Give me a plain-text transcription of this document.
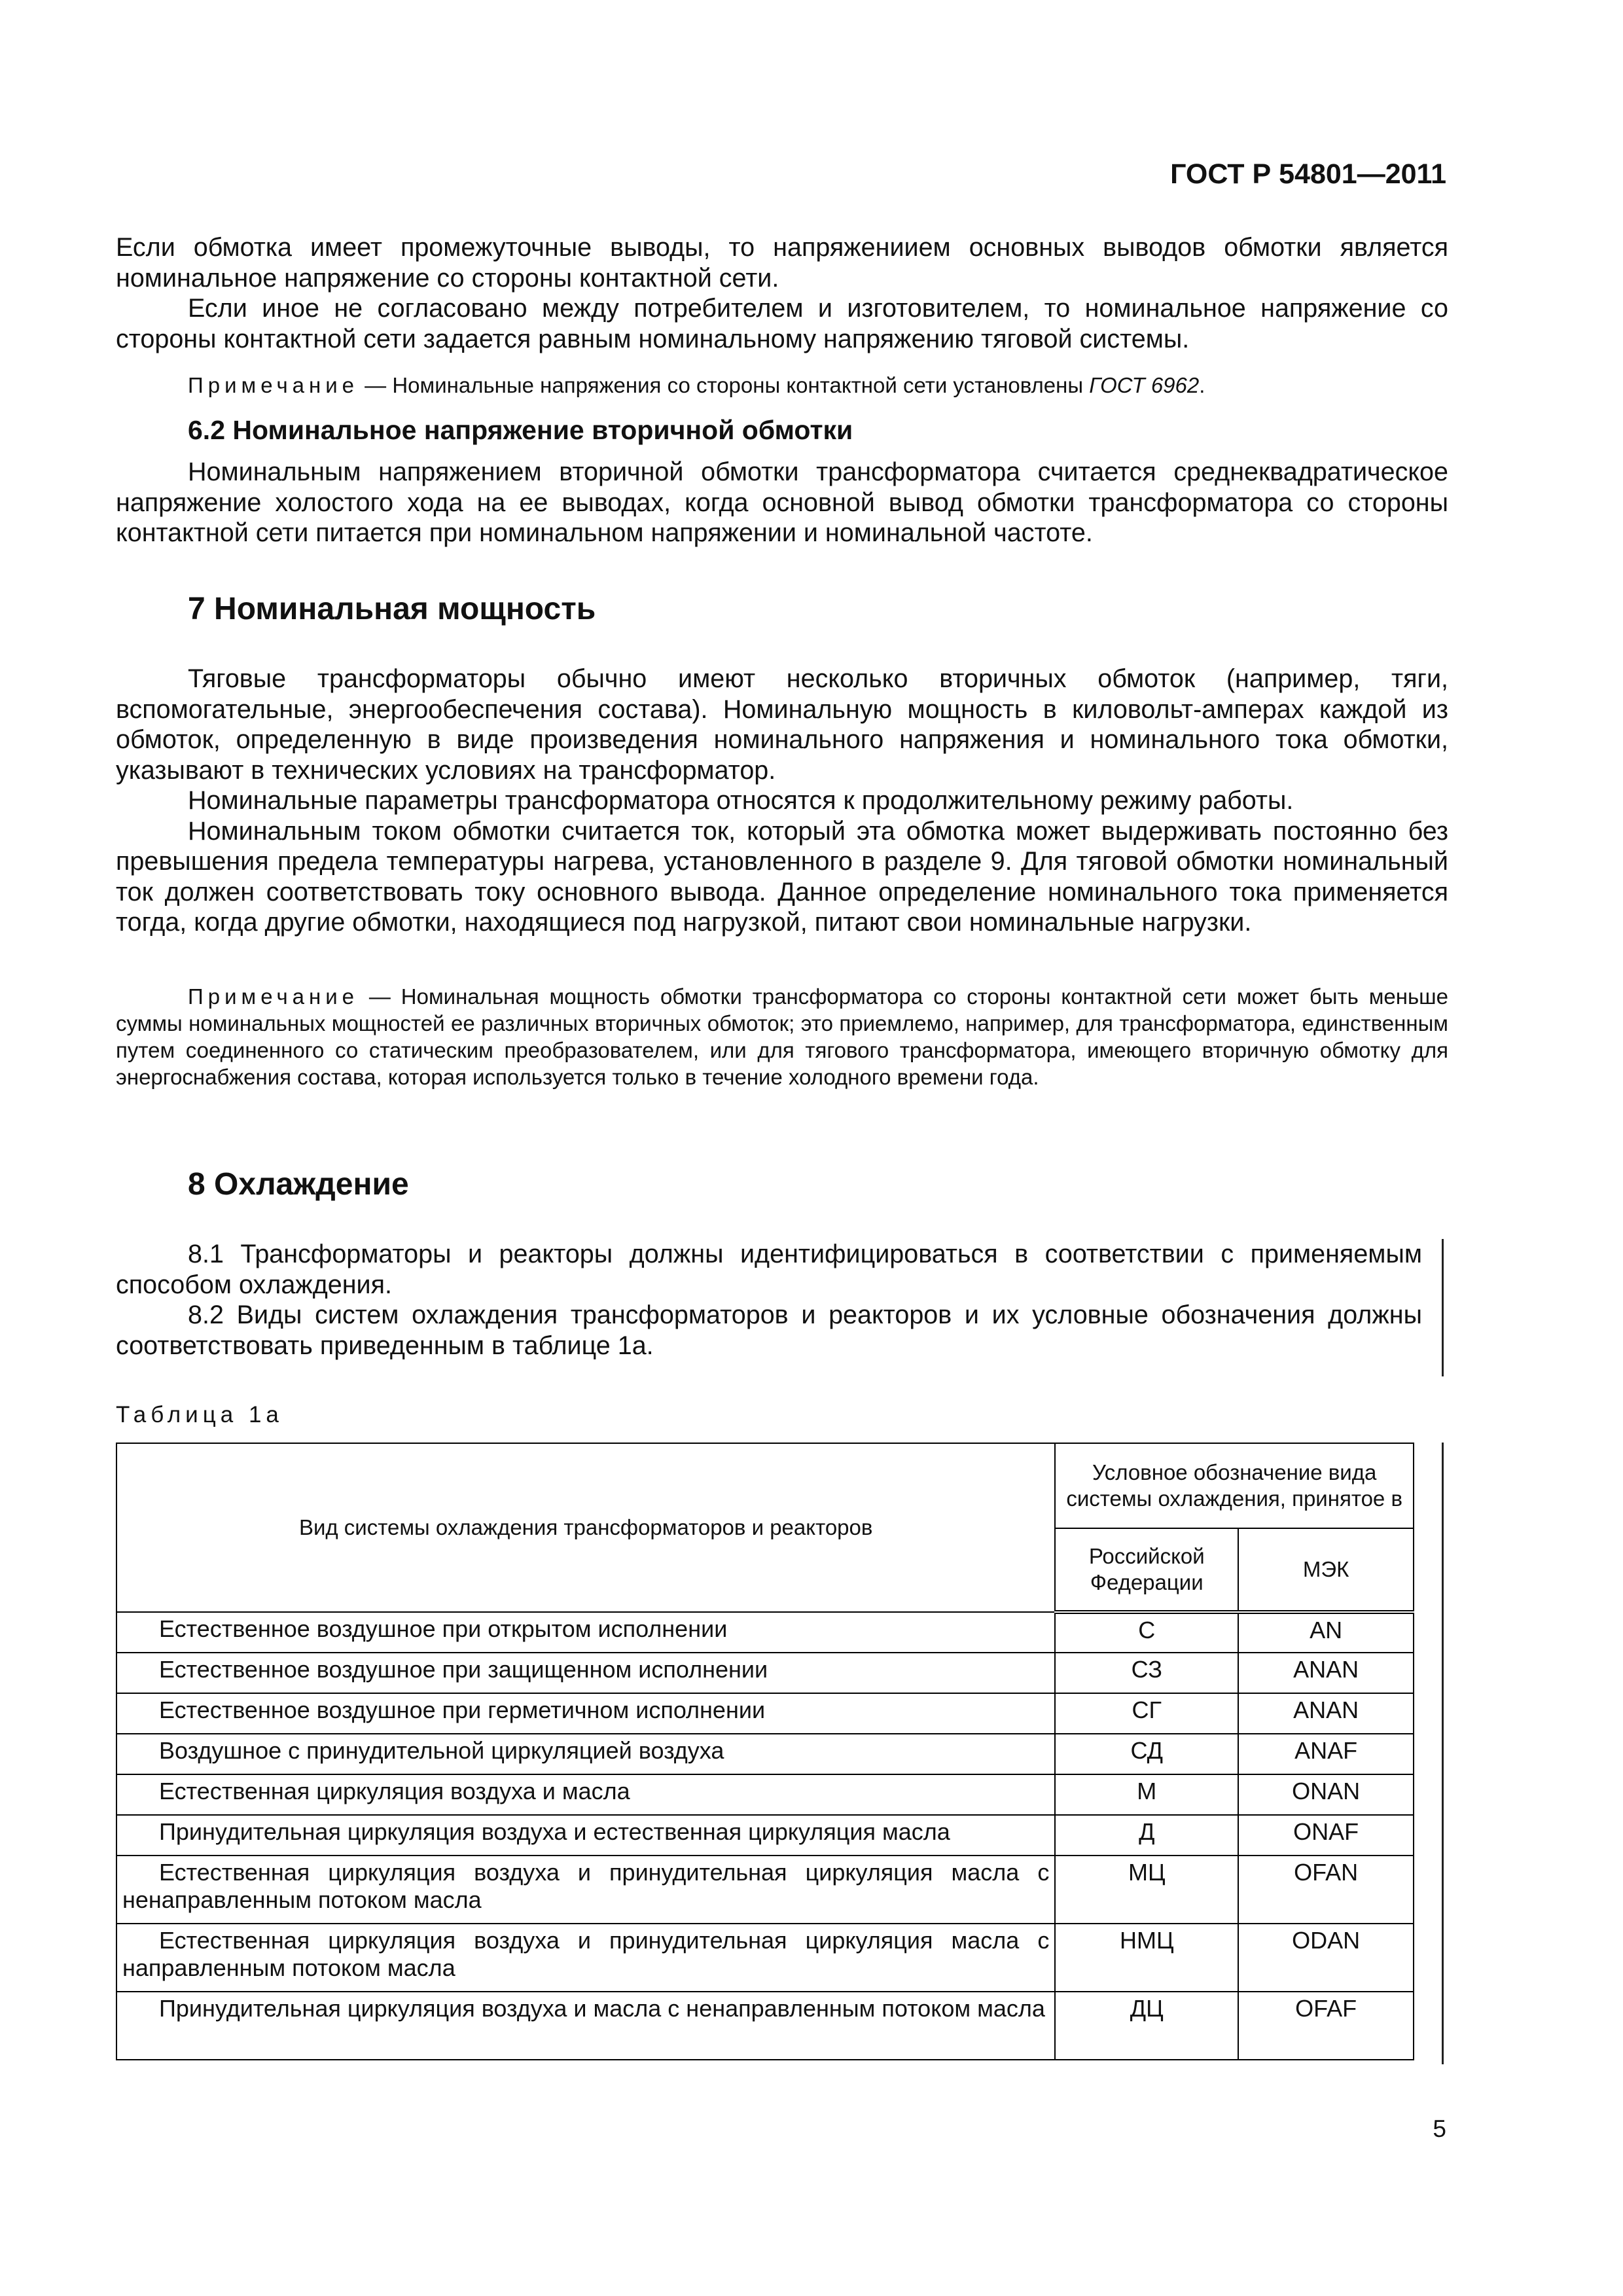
ГОСТ Р 54801—2011

Если обмотка имеет промежуточные выводы, то напряжениием основных выводов обмотки является номинальное напряжение со стороны контактной сети.

Если иное не согласовано между потребителем и изготовителем, то номинальное напряжение со стороны контактной сети задается равным номинальному напряжению тяговой системы.

Примечание — Номинальные напряжения со стороны контактной сети установлены ГОСТ 6962.

6.2 Номинальное напряжение вторичной обмотки

Номинальным напряжением вторичной обмотки трансформатора считается среднеквадратическое напряжение холостого хода на ее выводах, когда основной вывод обмотки трансформатора со стороны контактной сети питается при номинальном напряжении и номинальной частоте.

7 Номинальная мощность

Тяговые трансформаторы обычно имеют несколько вторичных обмоток (например, тяги, вспомогательные, энергообеспечения состава). Номинальную мощность в киловольт-амперах каждой из обмоток, определенную в виде произведения номинального напряжения и номинального тока обмотки, указывают в технических условиях на трансформатор.

Номинальные параметры трансформатора относятся к продолжительному режиму работы.

Номинальным током обмотки считается ток, который эта обмотка может выдерживать постоянно без превышения предела температуры нагрева, установленного в разделе 9. Для тяговой обмотки номинальный ток должен соответствовать току основного вывода. Данное определение номинального тока применяется тогда, когда другие обмотки, находящиеся под нагрузкой, питают свои номинальные нагрузки.

Примечание — Номинальная мощность обмотки трансформатора со стороны контактной сети может быть меньше суммы номинальных мощностей ее различных вторичных обмоток; это приемлемо, например, для трансформатора, единственным путем соединенного со статическим преобразователем, или для тягового трансформатора, имеющего вторичную обмотку для энергоснабжения состава, которая используется только в течение холодного времени года.

8 Охлаждение

8.1 Трансформаторы и реакторы должны идентифицироваться в соответствии с применяемым способом охлаждения.

8.2 Виды систем охлаждения трансформаторов и реакторов и их условные обозначения должны соответствовать приведенным в таблице 1а.

Таблица 1а
Вид системы охлаждения трансформаторов и реакторов	Условное обозначение вида системы охлаждения, принятое в	
	Российской Федерации	МЭК
Естественное воздушное при открытом исполнении	С	AN
Естественное воздушное при защищенном исполнении	СЗ	ANAN
Естественное воздушное при герметичном исполнении	СГ	ANAN
Воздушное с принудительной циркуляцией воздуха	СД	ANAF
Естественная циркуляция воздуха и масла	М	ONAN
Принудительная циркуляция воздуха и естественная циркуляция масла	Д	ONAF
Естественная циркуляция воздуха и принудительная циркуляция масла с ненаправленным потоком масла	МЦ	OFAN
Естественная циркуляция воздуха и принудительная циркуляция масла с направленным потоком масла	НМЦ	ODAN
Принудительная циркуляция воздуха и масла с ненаправленным потоком масла	ДЦ	OFAF
5
